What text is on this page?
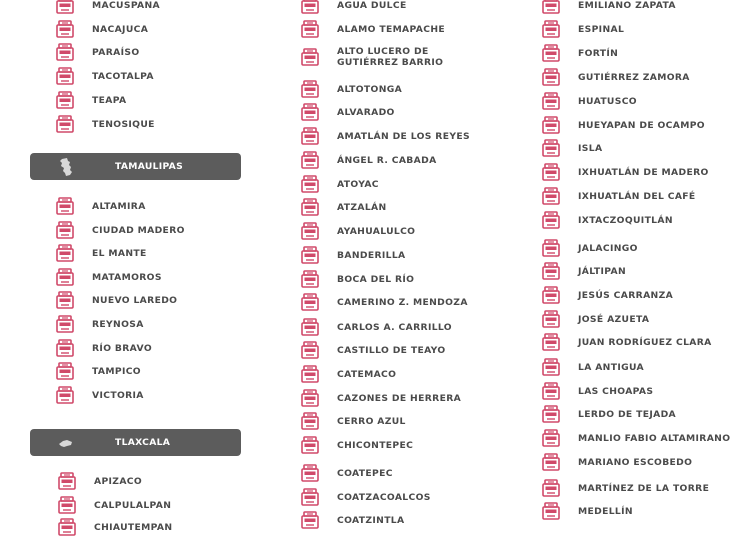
TAMAULIPAS
TLAXCALA
MACUSPANA
NACAJUCA
PARAÍSO
TACOTALPA
TEAPA
TENOSIQUE
ALTAMIRA
CIUDAD MADERO
EL MANTE
MATAMOROS
NUEVO LAREDO
REYNOSA
RÍO BRAVO
TAMPICO
VICTORIA
APIZACO
CALPULALPAN
CHIAUTEMPAN
AGUA DULCE
ALAMO TEMAPACHE
ALTO LUCERO DE GUTIÉRREZ BARRIO
ALTOTONGA
ALVARADO
AMATLÁN DE LOS REYES
ÁNGEL R. CABADA
ATOYAC
ATZALÁN
AYAHUALULCO
BANDERILLA
BOCA DEL RÍO
CAMERINO Z. MENDOZA
CARLOS A. CARRILLO
CASTILLO DE TEAYO
CATEMACO
CAZONES DE HERRERA
CERRO AZUL
CHICONTEPEC
COATEPEC
COATZACOALCOS
COATZINTLA
EMILIANO ZAPATA
ESPINAL
FORTÍN
GUTIÉRREZ ZAMORA
HUATUSCO
HUEYAPAN DE OCAMPO
ISLA
IXHUATLÁN DE MADERO
IXHUATLÁN DEL CAFÉ
IXTACZOQUITLÁN
JALACINGO
JÁLTIPAN
JESÚS CARRANZA
JOSÉ AZUETA
JUAN RODRÍGUEZ CLARA
LA ANTIGUA
LAS CHOAPAS
LERDO DE TEJADA
MANLIO FABIO ALTAMIRANO
MARIANO ESCOBEDO
MARTÍNEZ DE LA TORRE
MEDELLÍN
